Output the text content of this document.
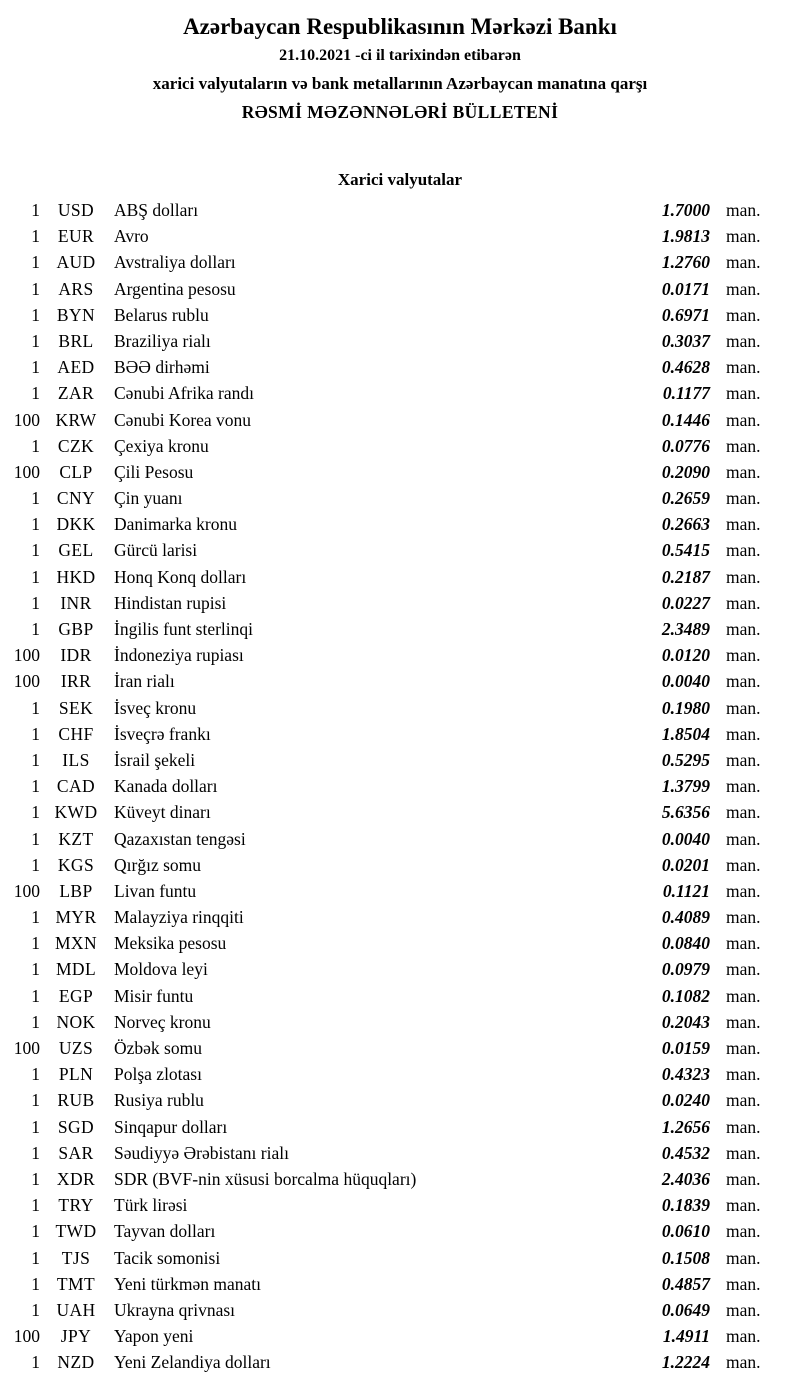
Azərbaycan Respublikasının Mərkəzi Bankı
21.10.2021 -ci il tarixindən etibarən
xarici valyutaların və bank metallarının Azərbaycan manatına qarşı
RƏSMİ MƏZƏNNƏLƏRİ BÜLLETENİ
Xarici valyutalar
1	USD	ABŞ dolları	1.7000 man.
1	EUR	Avro	1.9813 man.
1 AUD	Avstraliya dolları	1.2760 man.
1	ARS	Argentina pesosu	0.0171 man.
1 BYN	Belarus rublu	0.6971 man.
1	BRL	Braziliya rialı	0.3037 man.
1 AED	BƏƏ dirhəmi	0.4628 man.
1	ZAR	Cənubi Afrika randı	0.1177 man.
100 KRW Cənubi Korea vonu	0.1446 man.
1	CZK	Çexiya kronu	0.0776 man.
100	CLP	Çili Pesosu	0.2090 man.
1 CNY	Çin yuanı	0.2659 man.
1 DKK	Danimarka kronu	0.2663 man.
1	GEL	Gürcü larisi	0.5415 man.
1 HKD	Honq Konq dolları	0.2187 man.
1	INR	Hindistan rupisi	0.0227 man.
1	GBP	İngilis funt sterlinqi	2.3489 man.
100	IDR	İndoneziya rupiası	0.0120 man.
100	IRR	İran rialı	0.0040 man.
1	SEK	İsveç kronu	0.1980 man.
1	CHF	İsveçrə frankı	1.8504 man.
1	ILS	İsrail şekeli	0.5295 man.
1 CAD	Kanada dolları	1.3799 man.
1 KWD Küveyt dinarı	5.6356 man.
1	KZT	Qazaxıstan tengəsi	0.0040 man.
1	KGS	Qırğız somu	0.0201 man.
100	LBP	Livan funtu	0.1121 man.
1 MYR Malayziya rinqqiti	0.4089 man.
1 MXN Meksika pesosu	0.0840 man.
1 MDL	Moldova leyi	0.0979 man.
1	EGP	Misir funtu	0.1082 man.
1 NOK	Norveç kronu	0.2043 man.
100	UZS	Özbək somu	0.0159 man.
1	PLN	Polşa zlotası	0.4323 man.
1 RUB	Rusiya rublu	0.0240 man.
1	SGD	Sinqapur dolları	1.2656 man.
1	SAR	Səudiyyə Ərəbistanı rialı	0.4532 man.
1 XDR	SDR (BVF-nin xüsusi borcalma hüquqları)	2.4036 man.
1	TRY	Türk lirəsi	0.1839 man.
1 TWD Tayvan dolları	0.0610 man.
1	TJS	Tacik somonisi	0.1508 man.
1 TMT	Yeni türkmən manatı	0.4857 man.
1 UAH	Ukrayna qrivnası	0.0649 man.
100	JPY	Yapon yeni	1.4911 man.
1 NZD	Yeni Zelandiya dolları	1.2224 man.
